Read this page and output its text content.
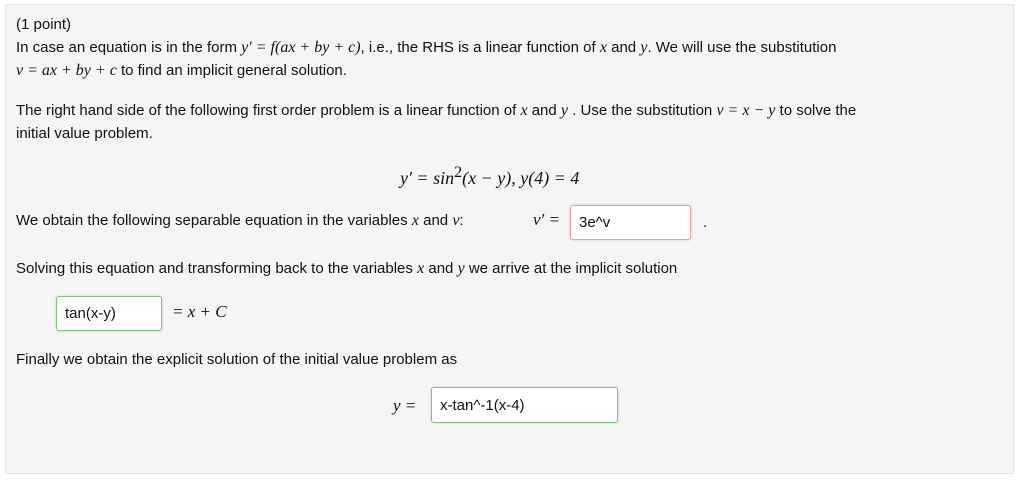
(1 point)
In case an equation is in the form y′ = f(ax + by + c), i.e., the RHS is a linear function of x and y. We will use the substitution
v = ax + by + c to find an implicit general solution.
The right hand side of the following first order problem is a linear function of x and y . Use the substitution v = x − y to solve the
initial value problem.
$y' = \sin^2(x - y)$, y(4) = 4
We obtain the following separable equation in the variables x and v:	v′ = 3e^v	.
Solving this equation and transforming back to the variables x and y we arrive at the implicit solution
tan(x-y)	= x + C
Finally we obtain the explicit solution of the initial value problem as
y = x-tan^-1(x-4)
